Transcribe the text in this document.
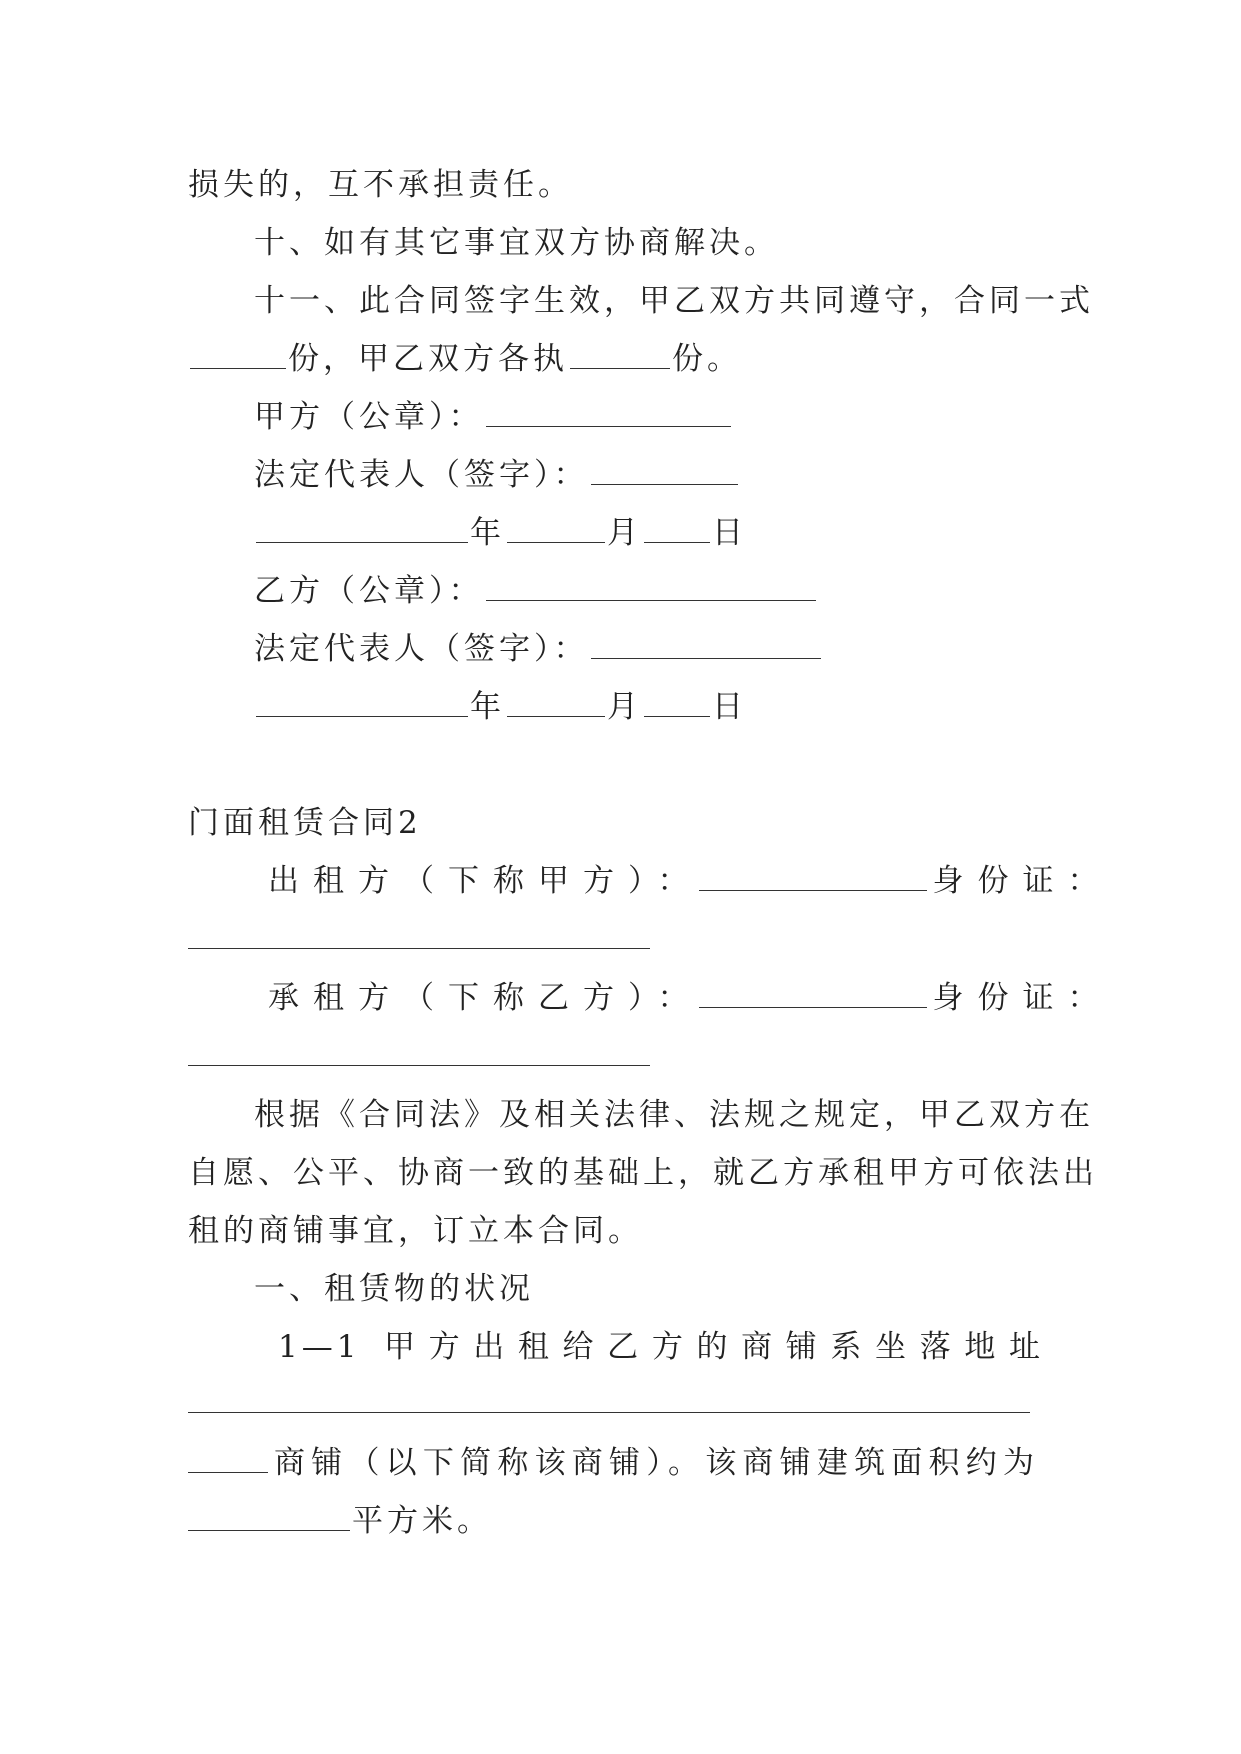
损失的，互不承担责任。
十、如有其它事宜双方协商解决。
十一、此合同签字生效，甲乙双方共同遵守，合同一式
份，甲乙双方各执	份。
甲方（公章）：
法定代表人（签字）：
年	月 日
乙方（公章）：
法定代表人（签字）：
年	月 日
门面租赁合同2
出租方（下称甲方）：	身份证：
承租方（下称乙方）：	身份证：
根据《合同法》及相关法律、法规之规定，甲乙双方在
自愿、公平、协商一致的基础上，就乙方承租甲方可依法出
租的商铺事宜，订立本合同。
一、租赁物的状况
1—1 甲方出租给乙方的商铺系坐落地址
商铺（以下简称该商铺）。该商铺建筑面积约为
平方米。
